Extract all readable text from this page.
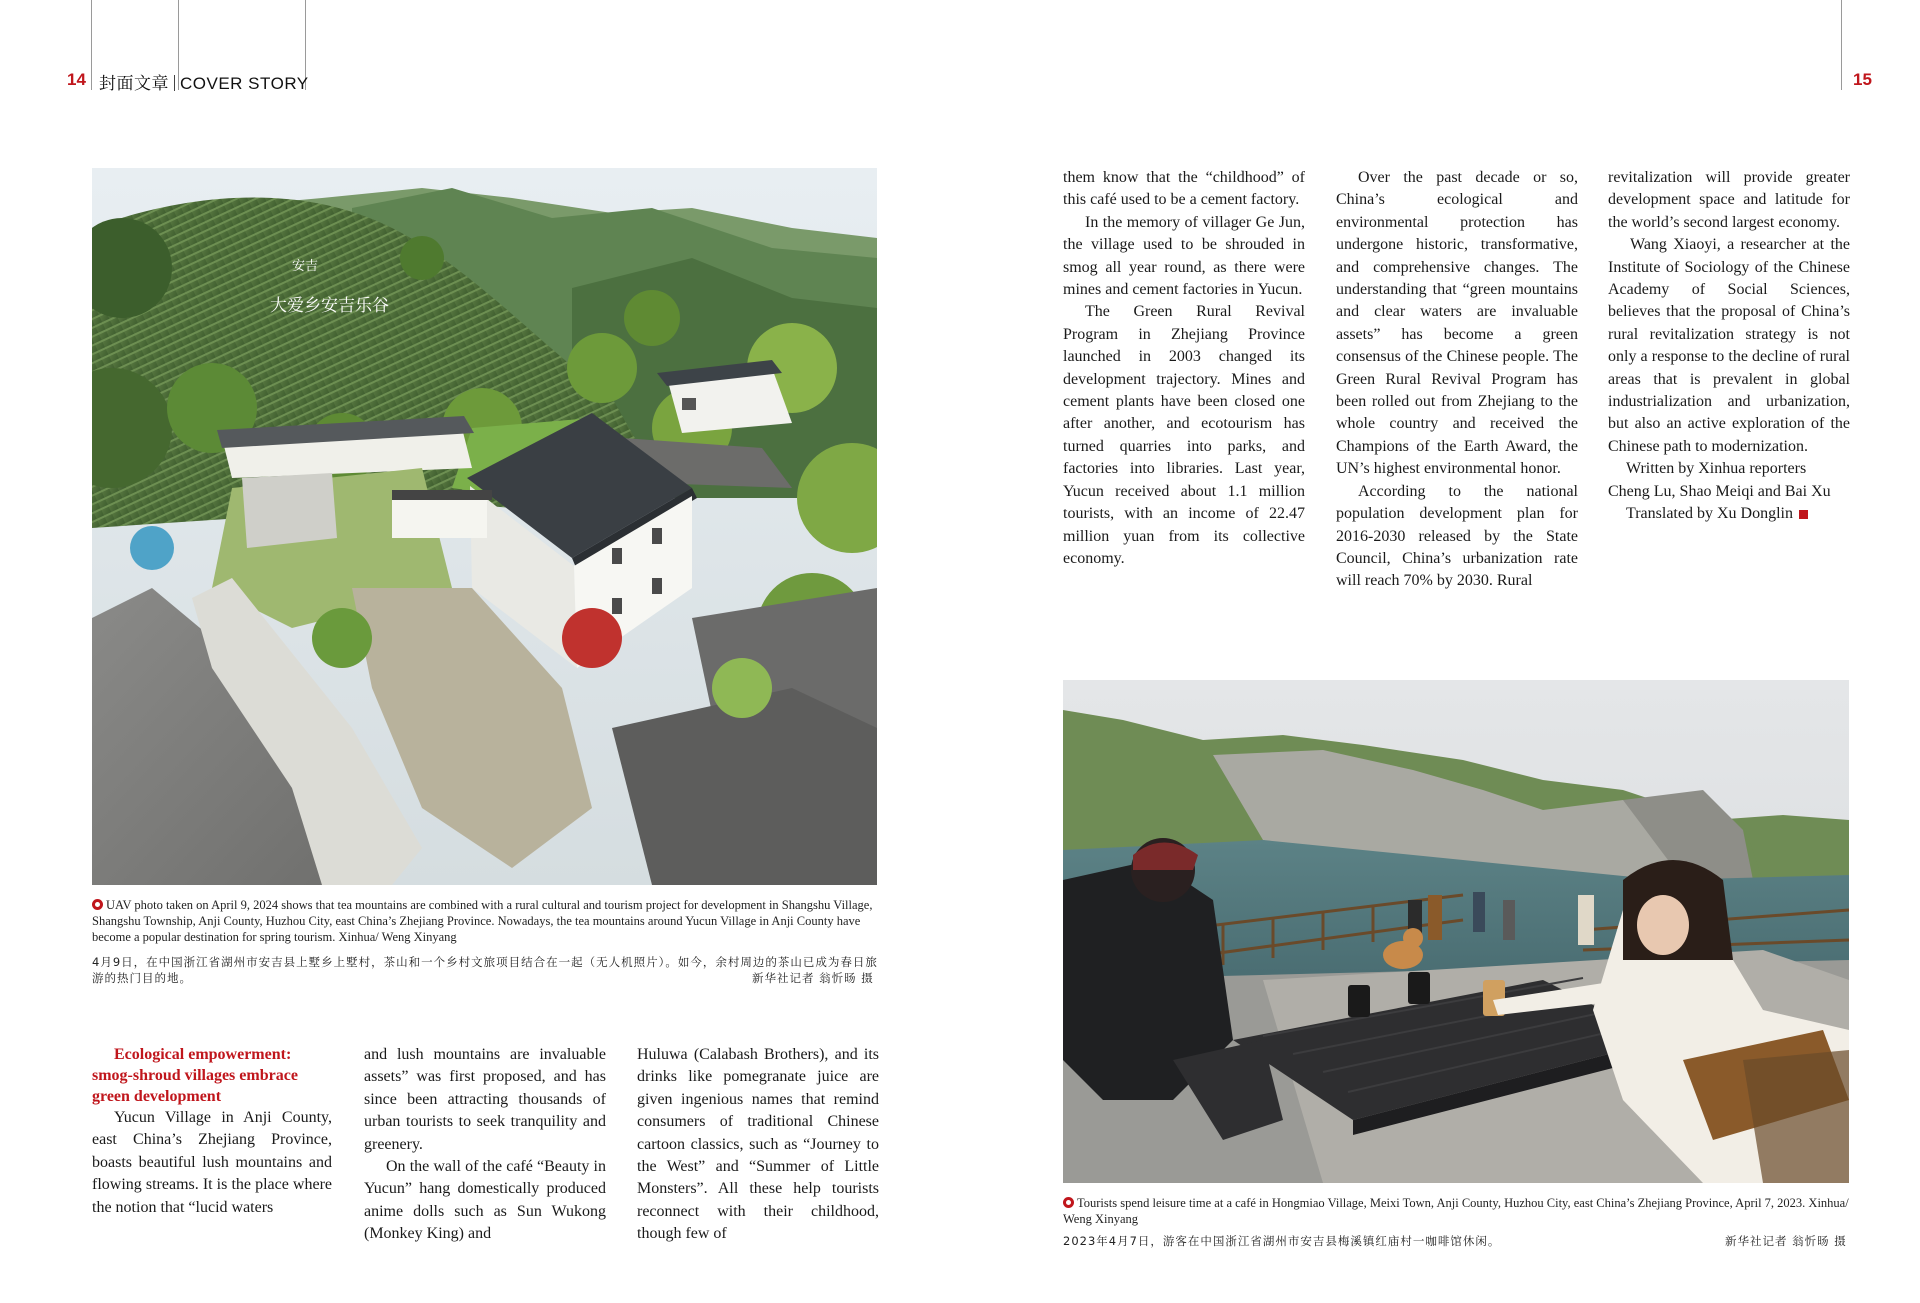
14 封面文章 COVER STORY	15
安吉
大爱乡安吉乐谷
UAV photo taken on April 9, 2024 shows that tea mountains are combined with a rural cultural and tourism project for development in Shangshu Village, Shangshu Township, Anji County, Huzhou City, east China’s Zhejiang Province. Nowadays, the tea mountains around Yucun Village in Anji County have become a popular destination for spring tourism. Xinhua/ Weng Xinyang
4月9日，在中国浙江省湖州市安吉县上墅乡上墅村，茶山和一个乡村文旅项目结合在一起（无人机照片）。如今，余村周边的茶山已成为春日旅游的热门目的地。	新华社记者 翁忻旸 摄

Ecological empowerment: smog-shroud villages embrace green development

Yucun Village in Anji County, east China’s Zhejiang Province, boasts beautiful lush mountains and flowing streams. It is the place where the notion that “lucid waters

and lush mountains are invaluable assets” was first proposed, and has since been attracting thousands of urban tourists to seek tranquility and greenery.

On the wall of the café “Beauty in Yucun” hang domestically produced anime dolls such as Sun Wukong (Monkey King) and

Huluwa (Calabash Brothers), and its drinks like pomegranate juice are given ingenious names that remind consumers of traditional Chinese cartoon classics, such as “Journey to the West” and “Summer of Little Monsters”. All these help tourists reconnect with their childhood, though few of

them know that the “childhood” of this café used to be a cement factory.

In the memory of villager Ge Jun, the village used to be shrouded in smog all year round, as there were mines and cement factories in Yucun.

The Green Rural Revival Program in Zhejiang Province launched in 2003 changed its development trajectory. Mines and cement plants have been closed one after another, and ecotourism has turned quarries into parks, and factories into libraries. Last year, Yucun received about 1.1 million tourists, with an income of 22.47 million yuan from its collective economy.

Over the past decade or so, China’s ecological and environmental protection has undergone historic, transformative, and comprehensive changes. The understanding that “green mountains and clear waters are invaluable assets” has become a green consensus of the Chinese people. The Green Rural Revival Program has been rolled out from Zhejiang to the whole country and received the Champions of the Earth Award, the UN’s highest environmental honor.

According to the national population development plan for 2016-2030 released by the State Council, China’s urbanization rate will reach 70% by 2030. Rural

revitalization will provide greater development space and latitude for the world’s second largest economy.

Wang Xiaoyi, a researcher at the Institute of Sociology of the Chinese Academy of Social Sciences, believes that the proposal of China’s rural revitalization strategy is not only a response to the decline of rural areas that is prevalent in global industrialization and urbanization, but also an active exploration of the Chinese path to modernization.

Written by Xinhua reporters Cheng Lu, Shao Meiqi and Bai Xu

Translated by Xu Donglin

Tourists spend leisure time at a café in Hongmiao Village, Meixi Town, Anji County, Huzhou City, east China’s Zhejiang Province, April 7, 2023. Xinhua/ Weng Xinyang
2023年4月7日，游客在中国浙江省湖州市安吉县梅溪镇红庙村一咖啡馆休闲。	新华社记者 翁忻旸 摄
